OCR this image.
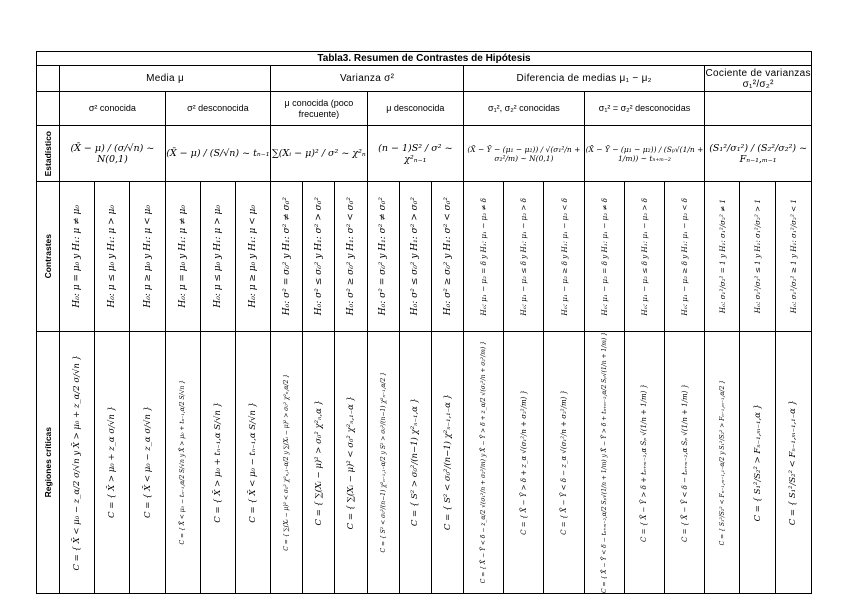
Tabla3. Resumen de Contrastes de Hipótesis																					
	Media μ						Varianza σ²						Diferencia de medias μ₁ − μ₂						Cociente de varianzas σ₁²/σ₂²		
	σ² conocida			σ² desconocida			μ conocida (poco frecuente)			μ desconocida			σ₁², σ₂² conocidas			σ₁² = σ₂² desconocidas					

Estadístico	(X̄ − μ) / (σ/√n) ~ N(0,1)			(X̄ − μ) / (S/√n) ~ tₙ₋₁			∑(Xᵢ − μ)² / σ² ~ χ²ₙ			(n − 1)S² / σ² ~ χ²ₙ₋₁			(X̄ − Ȳ − (μ₁ − μ₂)) / √(σ₁²/n + σ₂²/m) ~ N(0,1)			(X̄ − Ȳ − (μ₁ − μ₂)) / (Sₚ√(1/n + 1/m)) ~ tₙ₊ₘ₋₂			(S₁²/σ₁²) / (S₂²/σ₂²) ~ Fₙ₋₁,ₘ₋₁		

Contrastes	H₀: μ = μ₀ y H₁: μ ≠ μ₀	H₀: μ ≤ μ₀ y H₁: μ > μ₀	H₀: μ ≥ μ₀ y H₁: μ < μ₀	H₀: μ = μ₀ y H₁: μ ≠ μ₀	H₀: μ ≤ μ₀ y H₁: μ > μ₀	H₀: μ ≥ μ₀ y H₁: μ < μ₀	H₀: σ² = σ₀² y H₁: σ² ≠ σ₀²	H₀: σ² ≤ σ₀² y H₁: σ² > σ₀²	H₀: σ² ≥ σ₀² y H₁: σ² < σ₀²	H₀: σ² = σ₀² y H₁: σ² ≠ σ₀²	H₀: σ² ≤ σ₀² y H₁: σ² > σ₀²	H₀: σ² ≥ σ₀² y H₁: σ² < σ₀²	H₀: μ₁ − μ₂ = δ y H₁: μ₁ − μ₂ ≠ δ	H₀: μ₁ − μ₂ ≤ δ y H₁: μ₁ − μ₂ > δ	H₀: μ₁ − μ₂ ≥ δ y H₁: μ₁ − μ₂ < δ	H₀: μ₁ − μ₂ = δ y H₁: μ₁ − μ₂ ≠ δ	H₀: μ₁ − μ₂ ≤ δ y H₁: μ₁ − μ₂ > δ	H₀: μ₁ − μ₂ ≥ δ y H₁: μ₁ − μ₂ < δ	H₀: σ₁²/σ₂² = 1 y H₁: σ₁²/σ₂² ≠ 1	H₀: σ₁²/σ₂² ≤ 1 y H₁: σ₁²/σ₂² > 1	H₀: σ₁²/σ₂² ≥ 1 y H₁: σ₁²/σ₂² < 1

Regiones críticas	C = { X̄ < μ₀ − z_α/2 σ/√n y X̄ > μ₀ + z_α/2 σ/√n }	C = { X̄ > μ₀ + z_α σ/√n }	C = { X̄ < μ₀ − z_α σ/√n }	C = { X̄ < μ₀ − tₙ₋₁,α/2 S/√n y X̄ > μ₀ + tₙ₋₁,α/2 S/√n }	C = { X̄ > μ₀ + tₙ₋₁,α S/√n }	C = { X̄ < μ₀ − tₙ₋₁,α S/√n }	C = { ∑(Xᵢ − μ)² < σ₀² χ²ₙ,₁₋α/2 y ∑(Xᵢ − μ)² > σ₀² χ²ₙ,α/2 }	C = { ∑(Xᵢ − μ)² > σ₀² χ²ₙ,α }	C = { ∑(Xᵢ − μ)² < σ₀² χ²ₙ,₁₋α }	C = { S² < σ₀²/(n−1) χ²ₙ₋₁,₁₋α/2 y S² > σ₀²/(n−1) χ²ₙ₋₁,α/2 }	C = { S² > σ₀²/(n−1) χ²ₙ₋₁,α }	C = { S² < σ₀²/(n−1) χ²ₙ₋₁,₁₋α }	C = { X̄ − Ȳ < δ − z_α/2 √(σ₁²/n + σ₂²/m) y X̄ − Ȳ > δ + z_α/2 √(σ₁²/n + σ₂²/m) }	C = { X̄ − Ȳ > δ + z_α √(σ₁²/n + σ₂²/m) }	C = { X̄ − Ȳ < δ − z_α √(σ₁²/n + σ₂²/m) }	C = { X̄ − Ȳ < δ − tₙ₊ₘ₋₂,α/2 Sₚ√(1/n + 1/m) y X̄ − Ȳ > δ + tₙ₊ₘ₋₂,α/2 Sₚ√(1/n + 1/m) }	C = { X̄ − Ȳ > δ + tₙ₊ₘ₋₂,α Sₚ √(1/n + 1/m) }	C = { X̄ − Ȳ < δ − tₙ₊ₘ₋₂,α Sₚ √(1/n + 1/m) }	C = { S₁²/S₂² < Fₙ₋₁,ₘ₋₁,₁₋α/2 y S₁²/S₂² > Fₙ₋₁,ₘ₋₁,α/2 }	C = { S₁²/S₂² > Fₙ₋₁,ₘ₋₁,α }	C = { S₁²/S₂² < Fₙ₋₁,ₘ₋₁,₁₋α }
